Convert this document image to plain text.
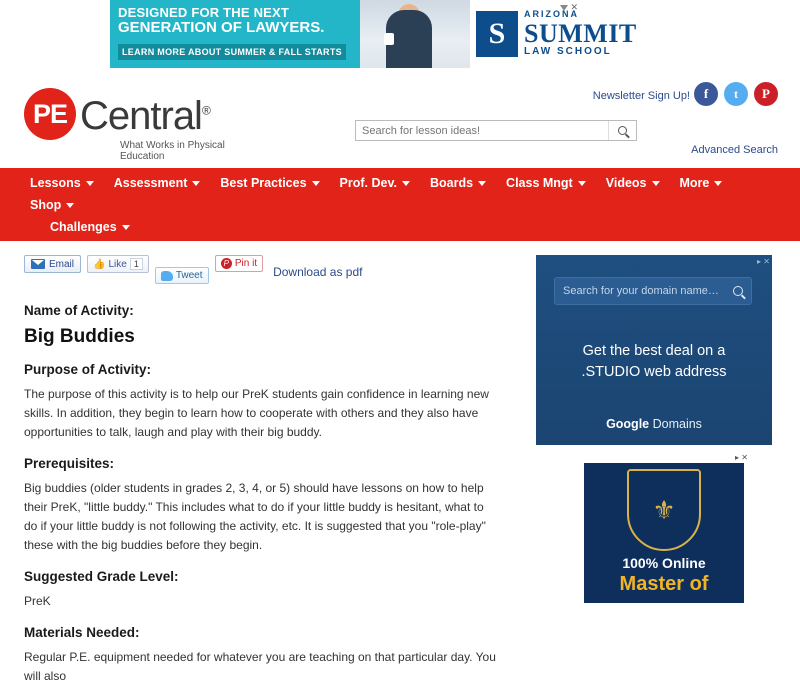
DESIGNED FOR THE NEXT
GENERATION OF LAWYERS.
LEARN MORE ABOUT SUMMER & FALL STARTS
S
ARIZONA
SUMMIT
LAW SCHOOL
✕
PE Central®
What Works in Physical Education
Newsletter Sign Up!	f	t	P
Search for lesson ideas!
Advanced Search
Lessons	Assessment	Best Practices	Prof. Dev.	Boards	Class Mngt	Videos	More
Shop
Challenges
Email 👍 Like 1
Tweet
P Pin it
Download as pdf
Name of Activity:
Big Buddies
Purpose of Activity:

The purpose of this activity is to help our PreK students gain confidence in learning new skills. In addition, they begin to learn how to cooperate with others and they also have opportunities to talk, laugh and play with their big buddy.

Prerequisites:

Big buddies (older students in grades 2, 3, 4, or 5) should have lessons on how to help their PreK, "little buddy." This includes what to do if your little buddy is hesitant, what to do if your little buddy is not following the activity, etc. It is suggested that you "role-play" these with the big buddies before they begin.

Suggested Grade Level:

PreK

Materials Needed:

Regular P.E. equipment needed for whatever you are teaching on that particular day. You will also

▸ ✕
Search for your domain name…
Get the best deal on a
.STUDIO web address
Google Domains
▸ ✕
⚜
100% Online
Master of
